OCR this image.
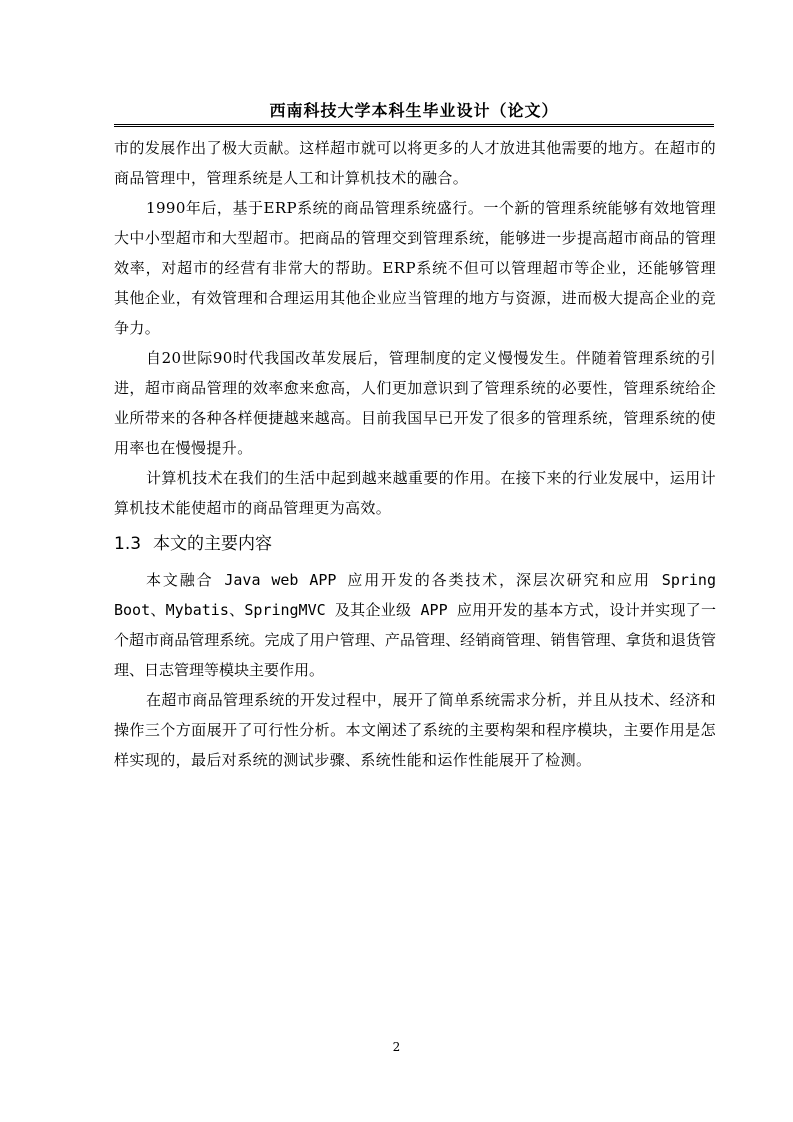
西南科技大学本科生毕业设计（论文）

市的发展作出了极大贡献。这样超市就可以将更多的人才放进其他需要的地方。在超市的商品管理中，管理系统是人工和计算机技术的融合。

1990年后，基于ERP系统的商品管理系统盛行。一个新的管理系统能够有效地管理大中小型超市和大型超市。把商品的管理交到管理系统，能够进一步提高超市商品的管理效率，对超市的经营有非常大的帮助。ERP系统不但可以管理超市等企业，还能够管理其他企业，有效管理和合理运用其他企业应当管理的地方与资源，进而极大提高企业的竞争力。

自20世际90时代我国改革发展后，管理制度的定义慢慢发生。伴随着管理系统的引进，超市商品管理的效率愈来愈高，人们更加意识到了管理系统的必要性，管理系统给企业所带来的各种各样便捷越来越高。目前我国早已开发了很多的管理系统，管理系统的使用率也在慢慢提升。

计算机技术在我们的生活中起到越来越重要的作用。在接下来的行业发展中，运用计算机技术能使超市的商品管理更为高效。

1.3 本文的主要内容

本文融合 Java web APP 应用开发的各类技术，深层次研究和应用 Spring Boot、Mybatis、SpringMVC 及其企业级 APP 应用开发的基本方式，设计并实现了一个超市商品管理系统。完成了用户管理、产品管理、经销商管理、销售管理、拿货和退货管理、日志管理等模块主要作用。

在超市商品管理系统的开发过程中，展开了简单系统需求分析，并且从技术、经济和操作三个方面展开了可行性分析。本文阐述了系统的主要构架和程序模块，主要作用是怎样实现的，最后对系统的测试步骤、系统性能和运作性能展开了检测。

2
